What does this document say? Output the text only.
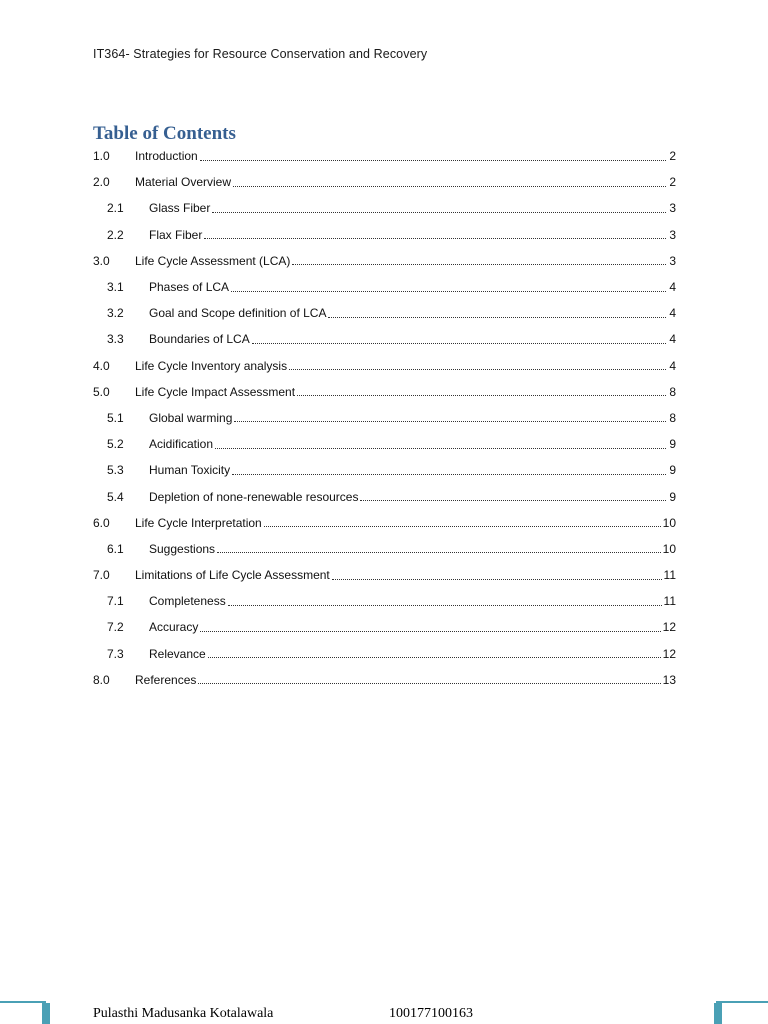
IT364- Strategies for Resource Conservation and Recovery
Table of Contents
1.0	Introduction	2
2.0	Material Overview	2
2.1	Glass Fiber	3
2.2	Flax Fiber	3
3.0	Life Cycle Assessment (LCA)	3
3.1	Phases of LCA	4
3.2	Goal and Scope definition of LCA	4
3.3	Boundaries of LCA	4
4.0	Life Cycle Inventory analysis	4
5.0	Life Cycle Impact Assessment	8
5.1	Global warming	8
5.2	Acidification	9
5.3	Human Toxicity	9
5.4	Depletion of none-renewable resources	9
6.0	Life Cycle Interpretation	10
6.1	Suggestions	10
7.0	Limitations of Life Cycle Assessment	11
7.1	Completeness	11
7.2	Accuracy	12
7.3	Relevance	12
8.0	References	13
Pulasthi Madusanka Kotalawala	100177100163
